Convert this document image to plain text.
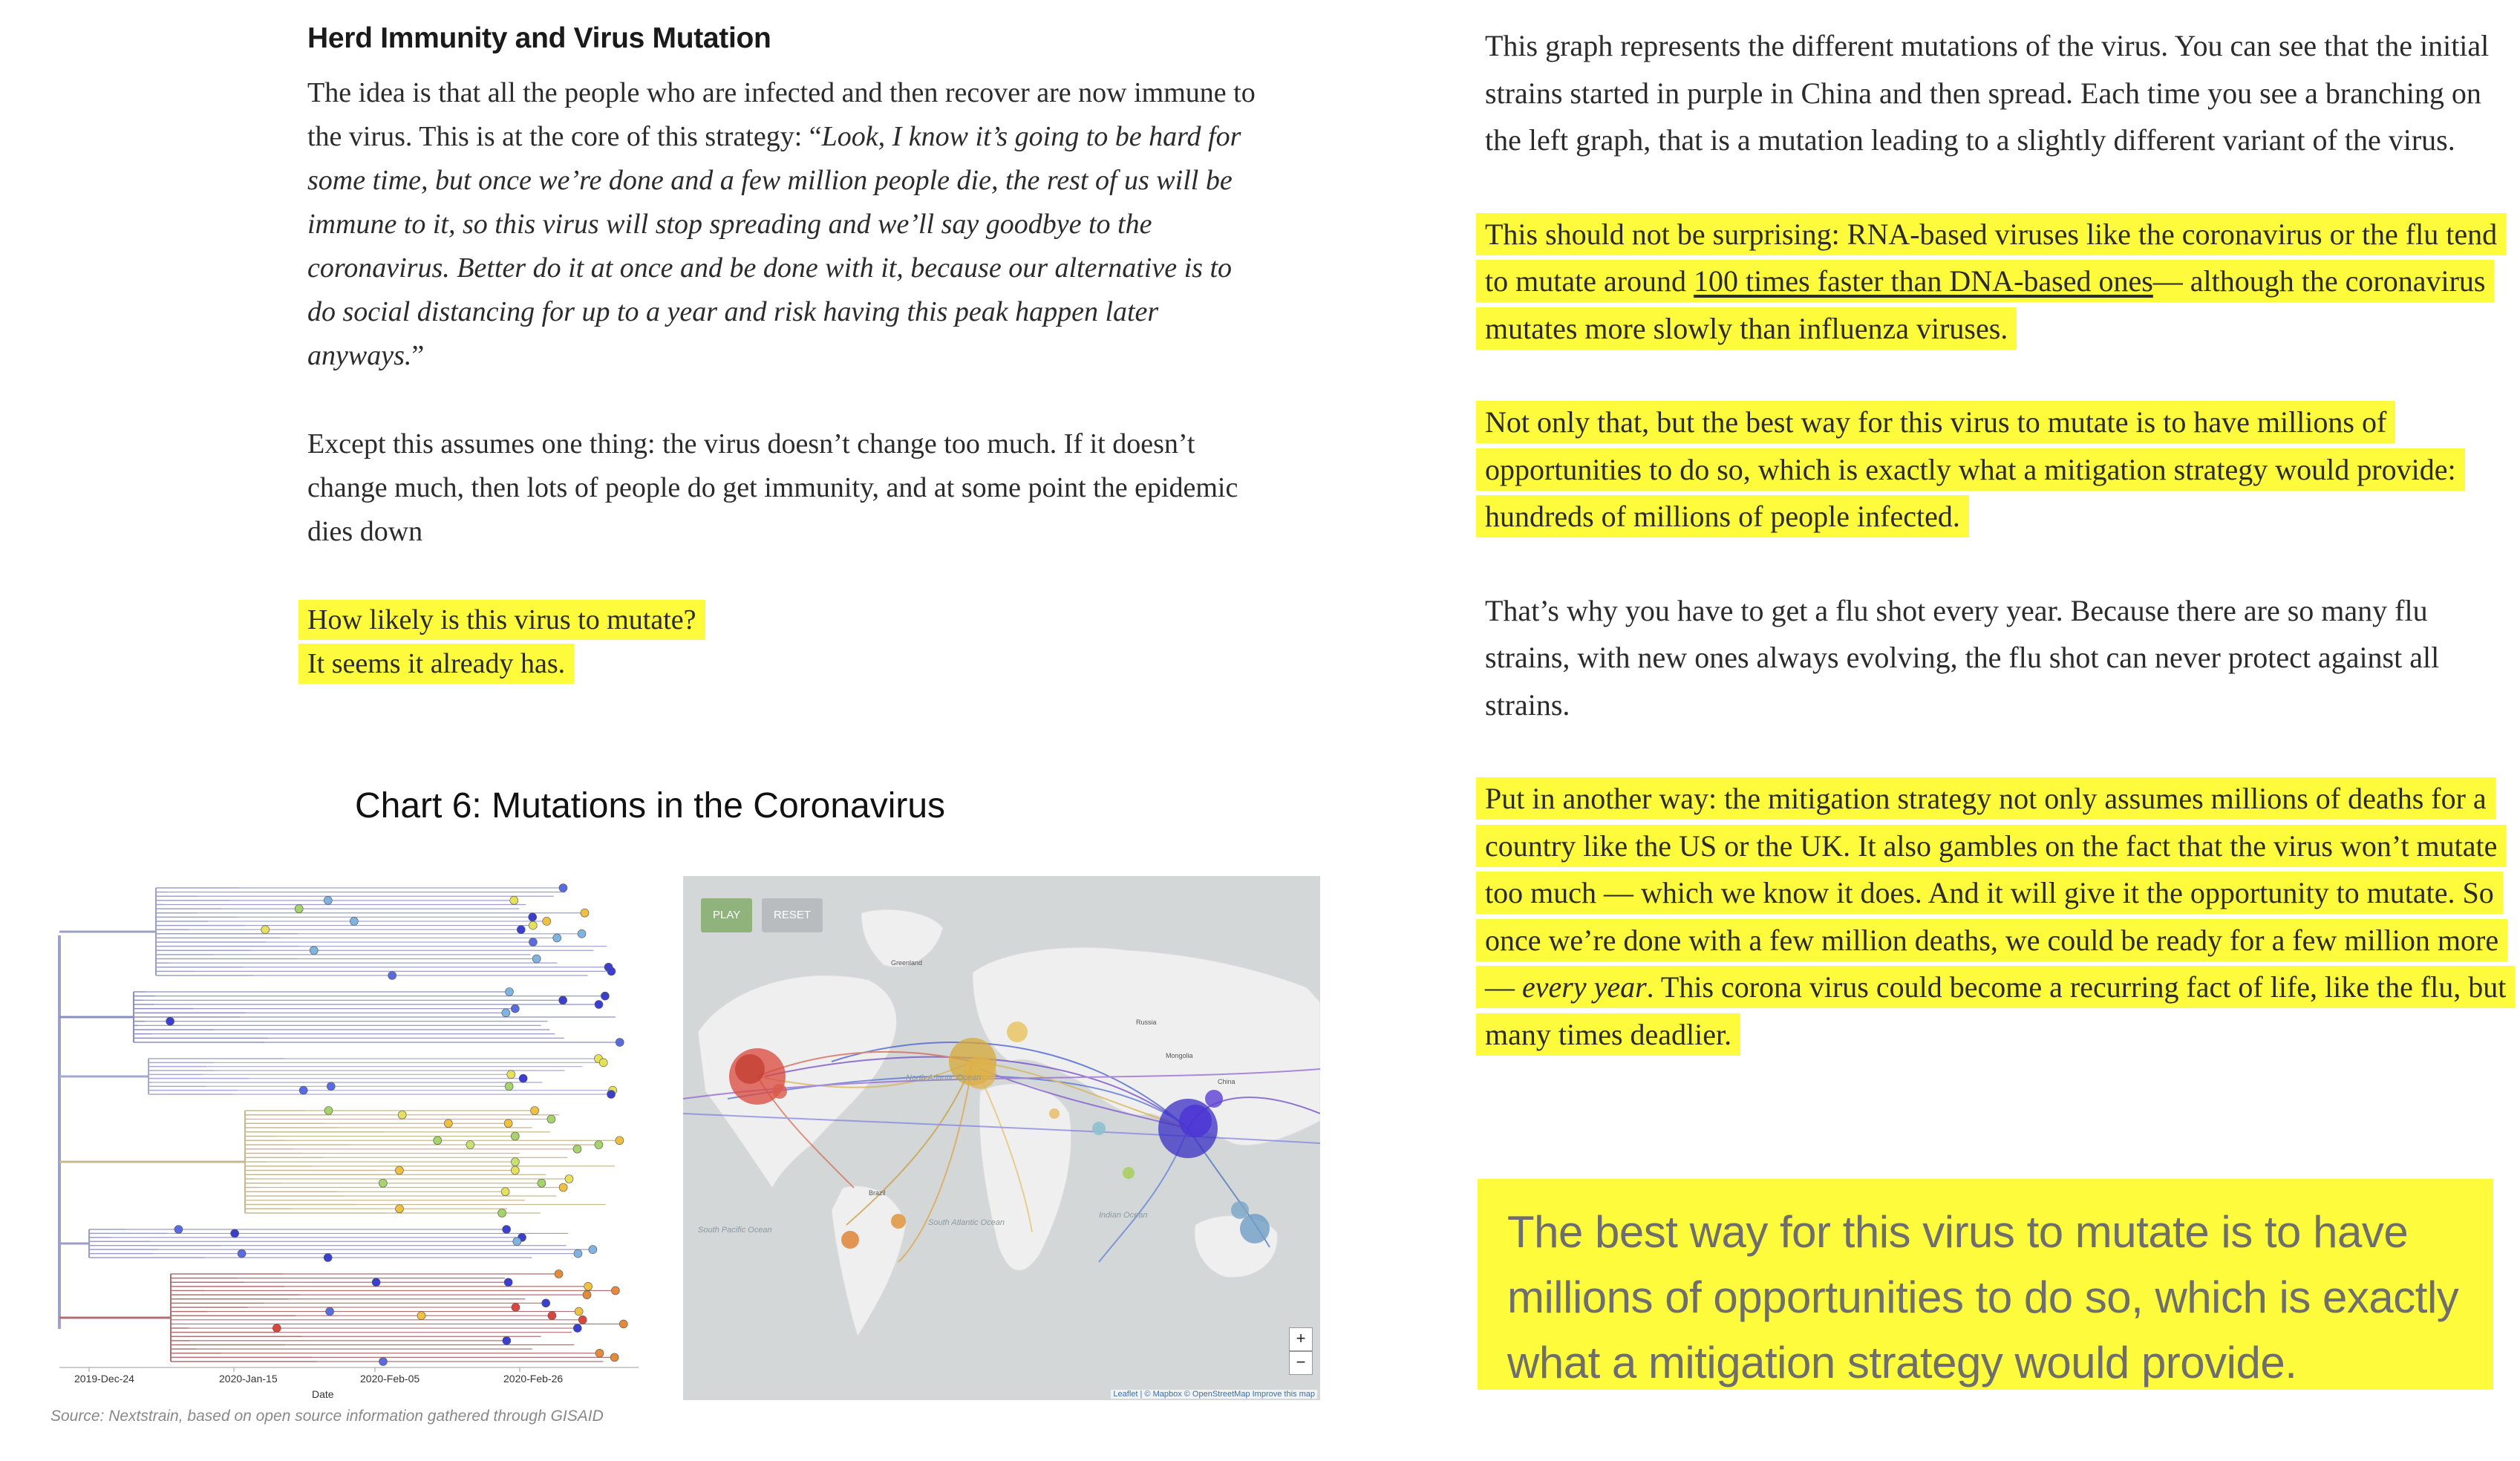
Herd Immunity and Virus Mutation

The idea is that all the people who are infected and then recover are now immune to the virus. This is at the core of this strategy: “Look, I know it’s going to be hard for some time, but once we’re done and a few million people die, the rest of us will be immune to it, so this virus will stop spreading and we’ll say goodbye to the coronavirus. Better do it at once and be done with it, because our alternative is to do social distancing for up to a year and risk having this peak happen later anyways.”

Except this assumes one thing: the virus doesn’t change too much. If it doesn’t change much, then lots of people do get immunity, and at some point the epidemic dies down

How likely is this virus to mutate?
It seems it already has.

Chart 6: Mutations in the Coronavirus
2019-Dec-24	2020-Jan-15	2020-Feb-05	2020-Feb-26
Date
North Atlantic Ocean
South Atlantic Ocean
South Pacific Ocean
Indian Ocean
Greenland
Russia
China
Mongolia
Brazil
PLAY	RESET
+
−
Leaflet | © Mapbox © OpenStreetMap Improve this map
Source: Nextstrain, based on open source information gathered through GISAID

This graph represents the different mutations of the virus. You can see that the initial strains started in purple in China and then spread. Each time you see a branching on the left graph, that is a mutation leading to a slightly different variant of the virus.

This should not be surprising: RNA-based viruses like the coronavirus or the flu tend to mutate around 100 times faster than DNA-based ones— although the coronavirus mutates more slowly than influenza viruses.

Not only that, but the best way for this virus to mutate is to have millions of opportunities to do so, which is exactly what a mitigation strategy would provide: hundreds of millions of people infected.

That’s why you have to get a flu shot every year. Because there are so many flu strains, with new ones always evolving, the flu shot can never protect against all strains.

Put in another way: the mitigation strategy not only assumes millions of deaths for a country like the US or the UK. It also gambles on the fact that the virus won’t mutate too much — which we know it does. And it will give it the opportunity to mutate. So once we’re done with a few million deaths, we could be ready for a few million more — every year. This corona virus could become a recurring fact of life, like the flu, but many times deadlier.

The best way for this virus to mutate is to have millions of opportunities to do so, which is exactly what a mitigation strategy would provide.
